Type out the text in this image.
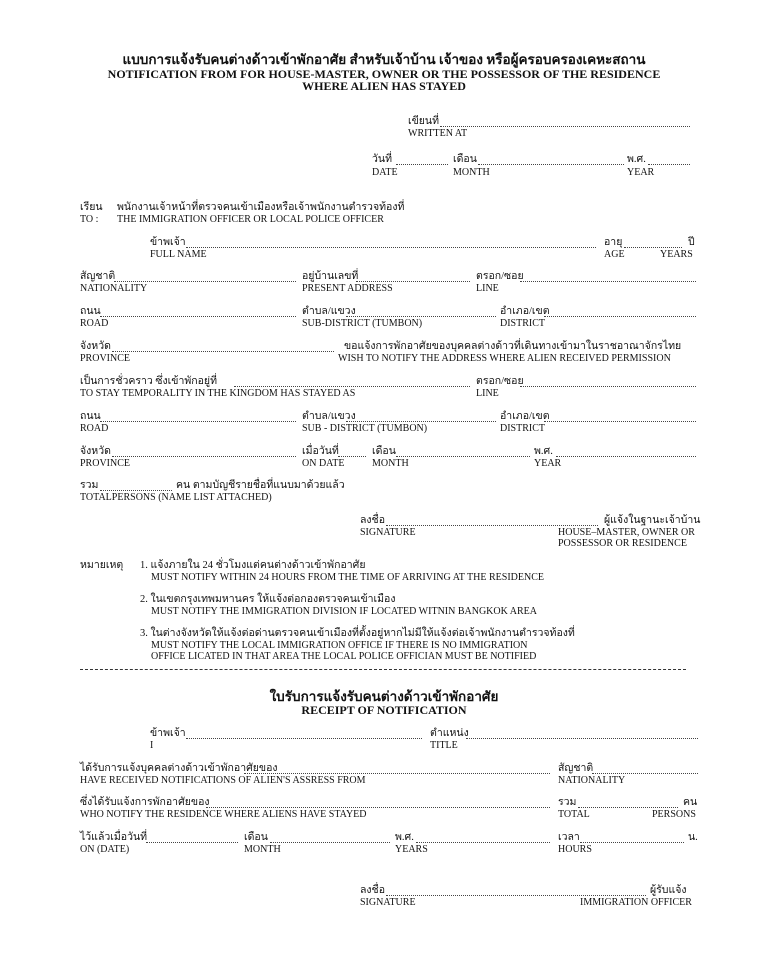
แบบการแจ้งรับคนต่างด้าวเข้าพักอาศัย สำหรับเจ้าบ้าน เจ้าของ หรือผู้ครอบครองเคหะสถาน
NOTIFICATION FROM FOR HOUSE-MASTER, OWNER OR THE POSSESSOR OF THE RESIDENCE
WHERE ALIEN HAS STAYED
เขียนที่
WRITTEN AT
วันที่	เดือน	พ.ศ.
DATE	MONTH	YEAR
เรียน พนักงานเจ้าหน้าที่ตรวจคนเข้าเมืองหรือเจ้าพนักงานตำรวจท้องที่
TO : THE IMMIGRATION OFFICER OR LOCAL POLICE OFFICER
ข้าพเจ้า	อายุ	ปี
FULL NAME	AGE	YEARS
สัญชาติ	อยู่บ้านเลขที่	ตรอก/ซอย
NATIONALITY	PRESENT ADDRESS	LINE
ถนน	ตำบล/แขวง	อำเภอ/เขต
ROAD	SUB-DISTRICT (TUMBON)	DISTRICT
จังหวัด	ขอแจ้งการพักอาศัยของบุคคลต่างด้าวที่เดินทางเข้ามาในราชอาณาจักรไทย
PROVINCE	WISH TO NOTIFY THE ADDRESS WHERE ALIEN RECEIVED PERMISSION
เป็นการชั่วคราว ซึ่งเข้าพักอยู่ที่	ตรอก/ซอย
TO STAY TEMPORALITY IN THE KINGDOM HAS STAYED AS	LINE
ถนน	ตำบล/แขวง	อำเภอ/เขต
ROAD	SUB - DISTRICT (TUMBON)	DISTRICT
จังหวัด	เมื่อวันที่	เดือน	พ.ศ.
PROVINCE	ON DATE	MONTH	YEAR
รวม	คน ตามบัญชีรายชื่อที่แนบมาด้วยแล้ว
TOTALPERSONS (NAME LIST ATTACHED)
ลงชื่อ	ผู้แจ้งในฐานะเจ้าบ้าน
SIGNATURE	HOUSE–MASTER, OWNER OR
POSSESSOR OR RESIDENCE
หมายเหตุ 1. แจ้งภายใน 24 ชั่วโมงแต่คนต่างด้าวเข้าพักอาศัย
MUST NOTIFY WITHIN 24 HOURS FROM THE TIME OF ARRIVING AT THE RESIDENCE
2. ในเขตกรุงเทพมหานคร ให้แจ้งต่อกองตรวจคนเข้าเมือง
MUST NOTIFY THE IMMIGRATION DIVISION IF LOCATED WITNIN BANGKOK AREA
3. ในต่างจังหวัดให้แจ้งต่อด่านตรวจคนเข้าเมืองที่ตั้งอยู่หากไม่มีให้แจ้งต่อเจ้าพนักงานตำรวจท้องที่
MUST NOTIFY THE LOCAL IMMIGRATION OFFICE IF THERE IS NO IMMIGRATION
OFFICE LICATED IN THAT AREA THE LOCAL POLICE OFFICIAN MUST BE NOTIFIED
ใบรับการแจ้งรับคนต่างด้าวเข้าพักอาศัย
RECEIPT OF NOTIFICATION
ข้าพเจ้า	ตำแหน่ง
I	TITLE
ได้รับการแจ้งบุคคลต่างด้าวเข้าพักอาศัยของ	สัญชาติ
HAVE RECEIVED NOTIFICATIONS OF ALIEN'S ASSRESS FROM	NATIONALITY
ซึ่งได้รับแจ้งการพักอาศัยของ	รวม	คน
WHO NOTIFY THE RESIDENCE WHERE ALIENS HAVE STAYED	TOTAL	PERSONS
ไว้แล้วเมื่อวันที่	เดือน	พ.ศ.	เวลา	น.
ON (DATE)	MONTH	YEARS	HOURS
ลงชื่อ	ผู้รับแจ้ง
SIGNATURE	IMMIGRATION OFFICER
